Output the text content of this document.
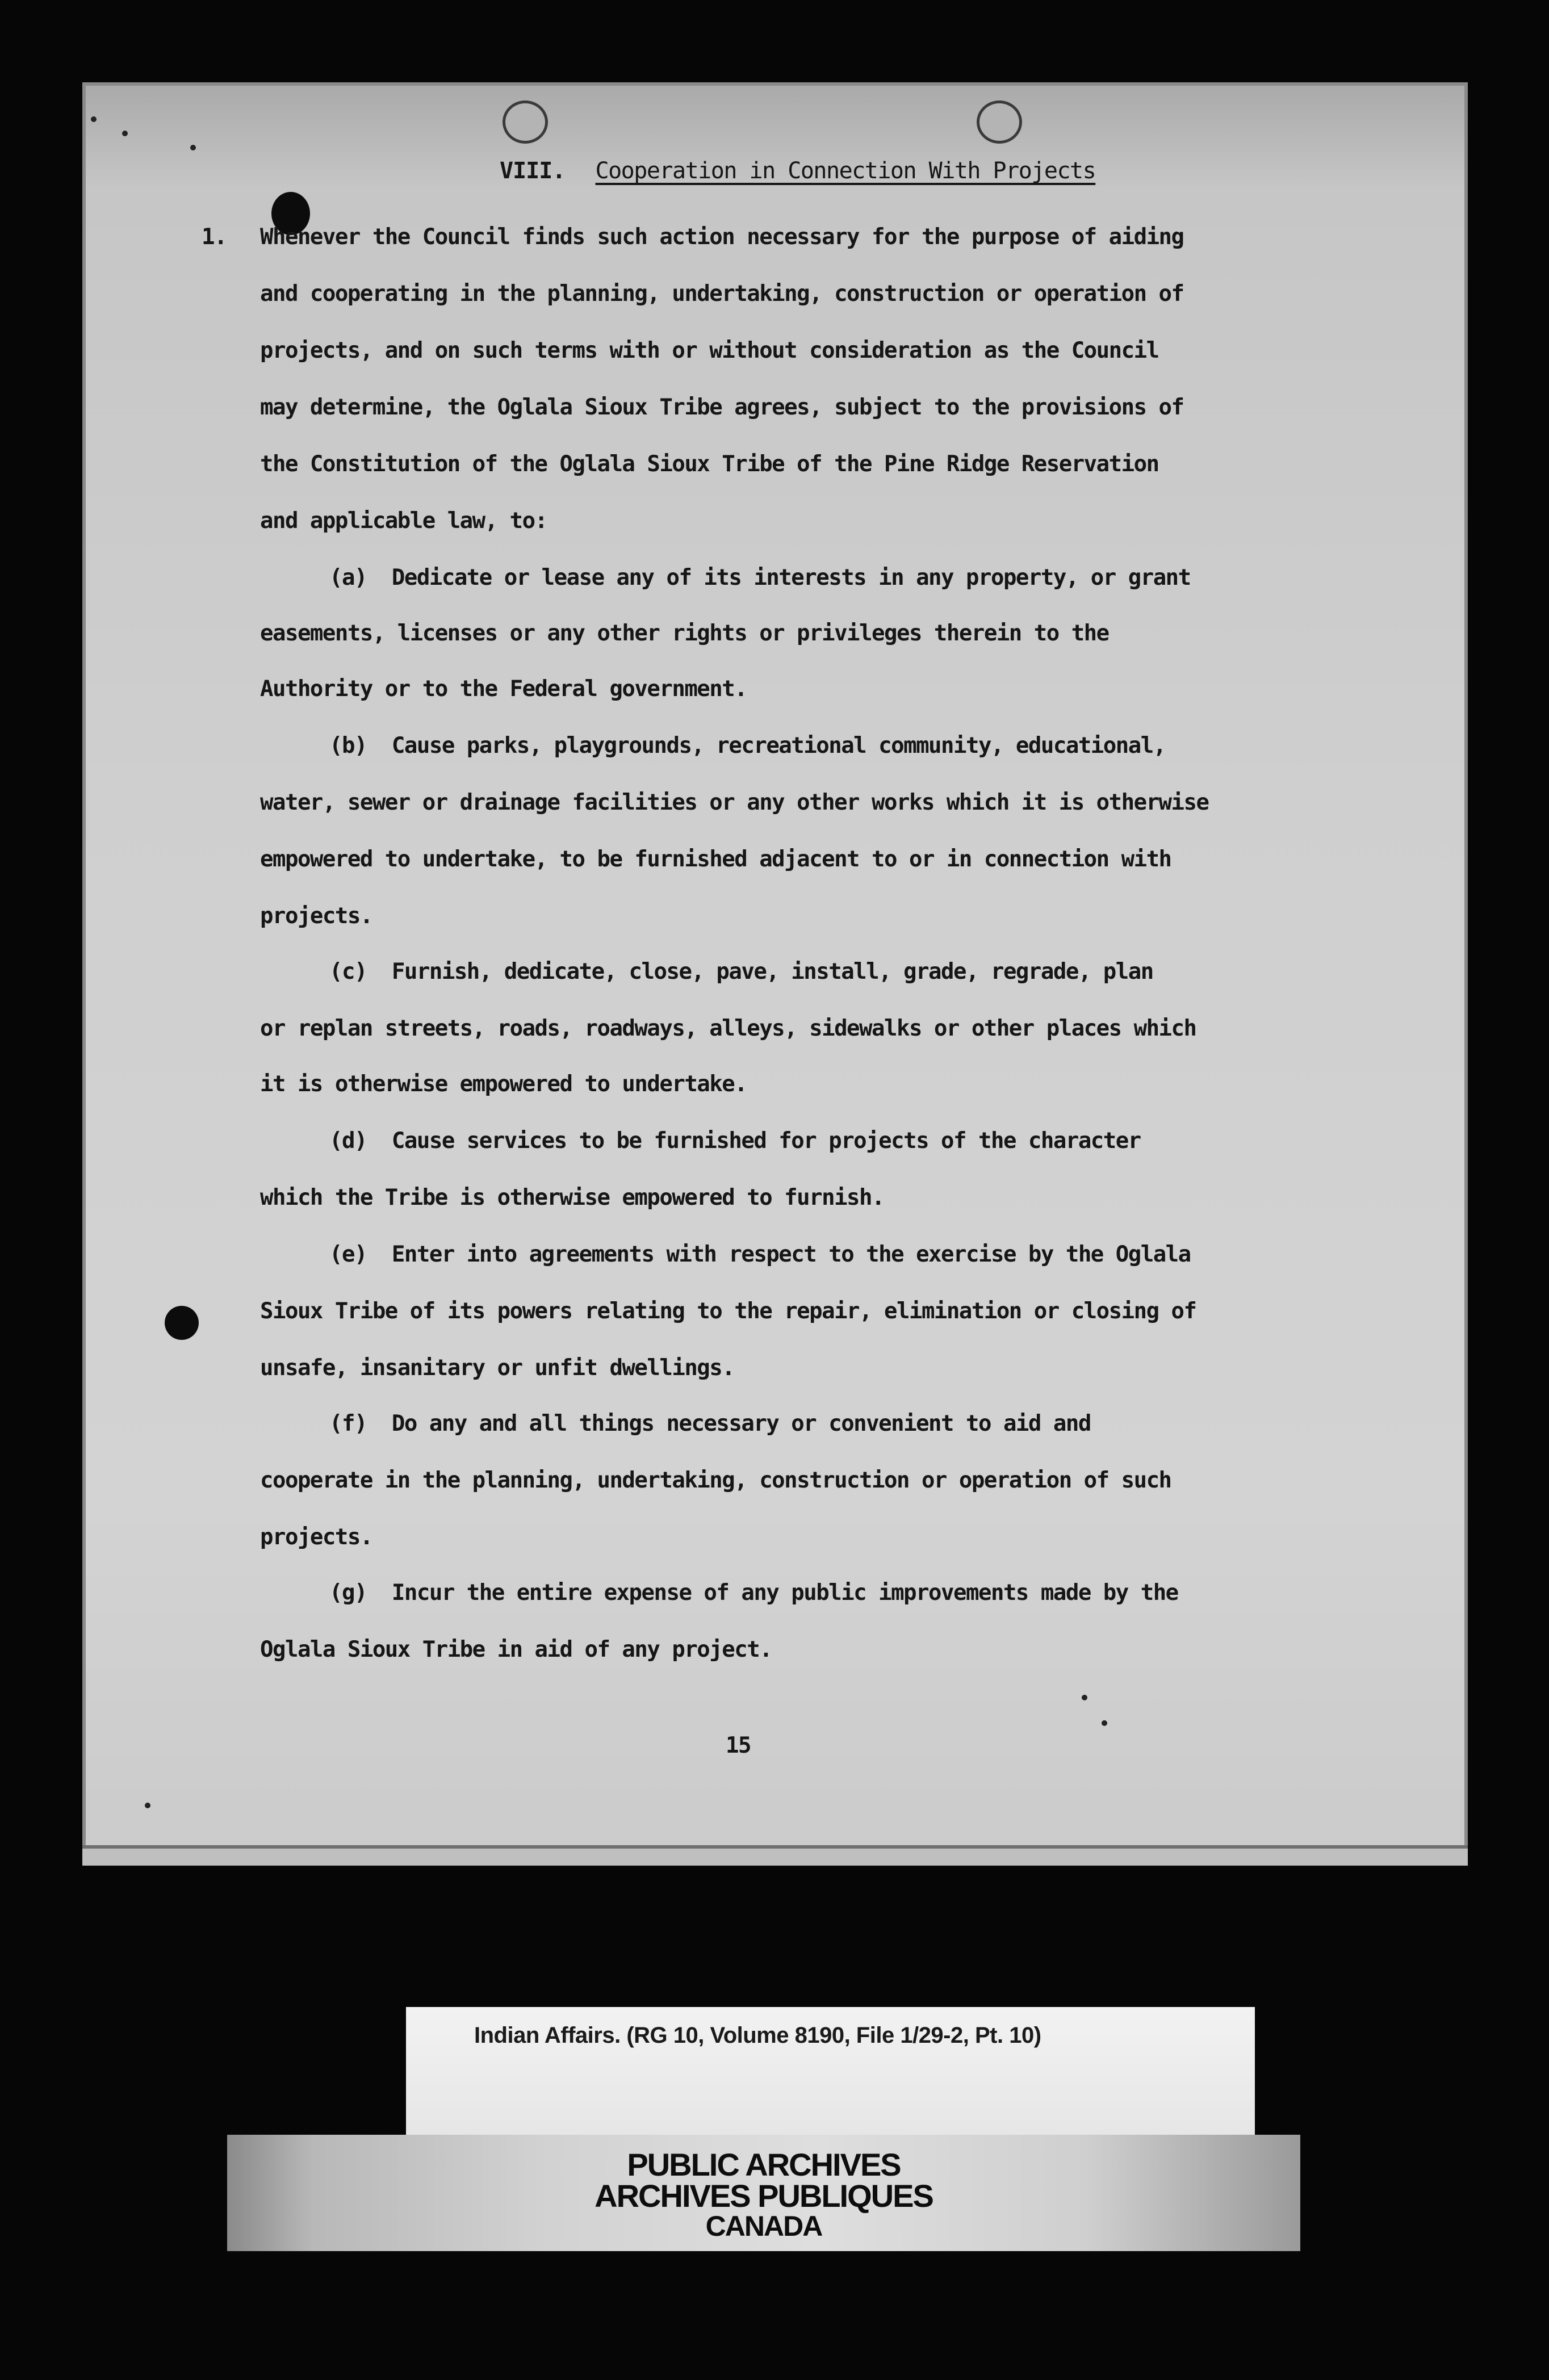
VIII. Cooperation in Connection With Projects
1. Whenever the Council finds such action necessary for the purpose of aiding
and cooperating in the planning, undertaking, construction or operation of
projects, and on such terms with or without consideration as the Council
may determine, the Oglala Sioux Tribe agrees, subject to the provisions of
the Constitution of the Oglala Sioux Tribe of the Pine Ridge Reservation
and applicable law, to:
(a) Dedicate or lease any of its interests in any property, or grant
easements, licenses or any other rights or privileges therein to the
Authority or to the Federal government.
(b) Cause parks, playgrounds, recreational community, educational,
water, sewer or drainage facilities or any other works which it is otherwise
empowered to undertake, to be furnished adjacent to or in connection with
projects.
(c) Furnish, dedicate, close, pave, install, grade, regrade, plan
or replan streets, roads, roadways, alleys, sidewalks or other places which
it is otherwise empowered to undertake.
(d) Cause services to be furnished for projects of the character
which the Tribe is otherwise empowered to furnish.
(e) Enter into agreements with respect to the exercise by the Oglala
Sioux Tribe of its powers relating to the repair, elimination or closing of
unsafe, insanitary or unfit dwellings.
(f) Do any and all things necessary or convenient to aid and
cooperate in the planning, undertaking, construction or operation of such
projects.
(g) Incur the entire expense of any public improvements made by the
Oglala Sioux Tribe in aid of any project.
15
Indian Affairs. (RG 10, Volume 8190, File 1/29-2, Pt. 10)
PUBLIC ARCHIVES
ARCHIVES PUBLIQUES
CANADA
